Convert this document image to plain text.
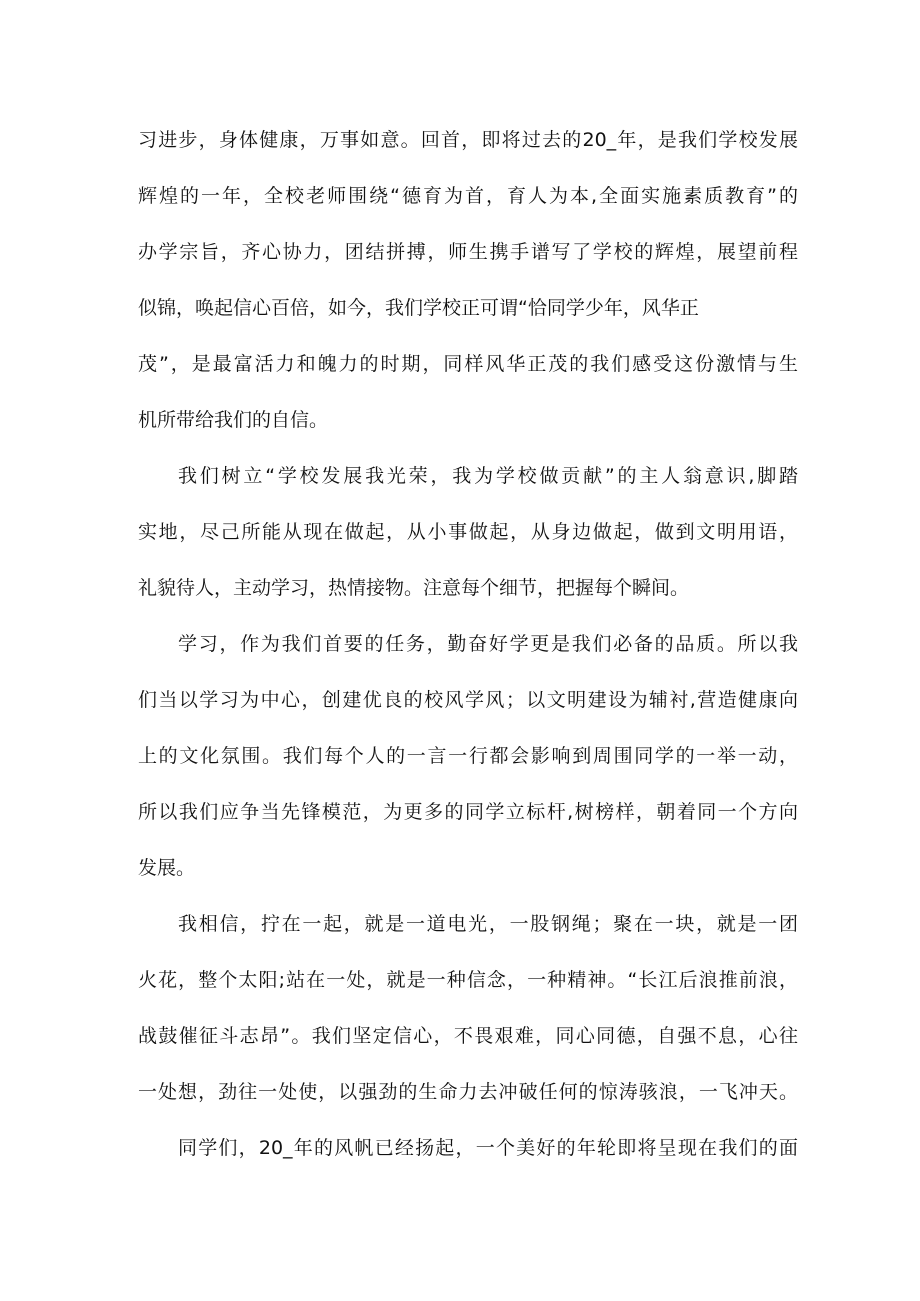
习进步，身体健康，万事如意。回首，即将过去的20_年，是我们学校发展
辉煌的一年，全校老师围绕“德育为首，育人为本,全面实施素质教育”的
办学宗旨，齐心协力，团结拼搏，师生携手谱写了学校的辉煌，展望前程
似锦，唤起信心百倍，如今，我们学校正可谓“恰同学少年，风华正
茂”，是最富活力和魄力的时期，同样风华正茂的我们感受这份激情与生
机所带给我们的自信。
我们树立“学校发展我光荣，我为学校做贡献”的主人翁意识,脚踏
实地，尽己所能从现在做起，从小事做起，从身边做起，做到文明用语，
礼貌待人，主动学习，热情接物。注意每个细节，把握每个瞬间。
学习，作为我们首要的任务，勤奋好学更是我们必备的品质。所以我
们当以学习为中心，创建优良的校风学风；以文明建设为辅衬,营造健康向
上的文化氛围。我们每个人的一言一行都会影响到周围同学的一举一动，
所以我们应争当先锋模范，为更多的同学立标杆,树榜样，朝着同一个方向
发展。
我相信，拧在一起，就是一道电光，一股钢绳；聚在一块，就是一团
火花，整个太阳;站在一处，就是一种信念，一种精神。“长江后浪推前浪，
战鼓催征斗志昂”。我们坚定信心，不畏艰难，同心同德，自强不息，心往
一处想，劲往一处使，以强劲的生命力去冲破任何的惊涛骇浪，一飞冲天。
同学们，20_年的风帆已经扬起，一个美好的年轮即将呈现在我们的面
